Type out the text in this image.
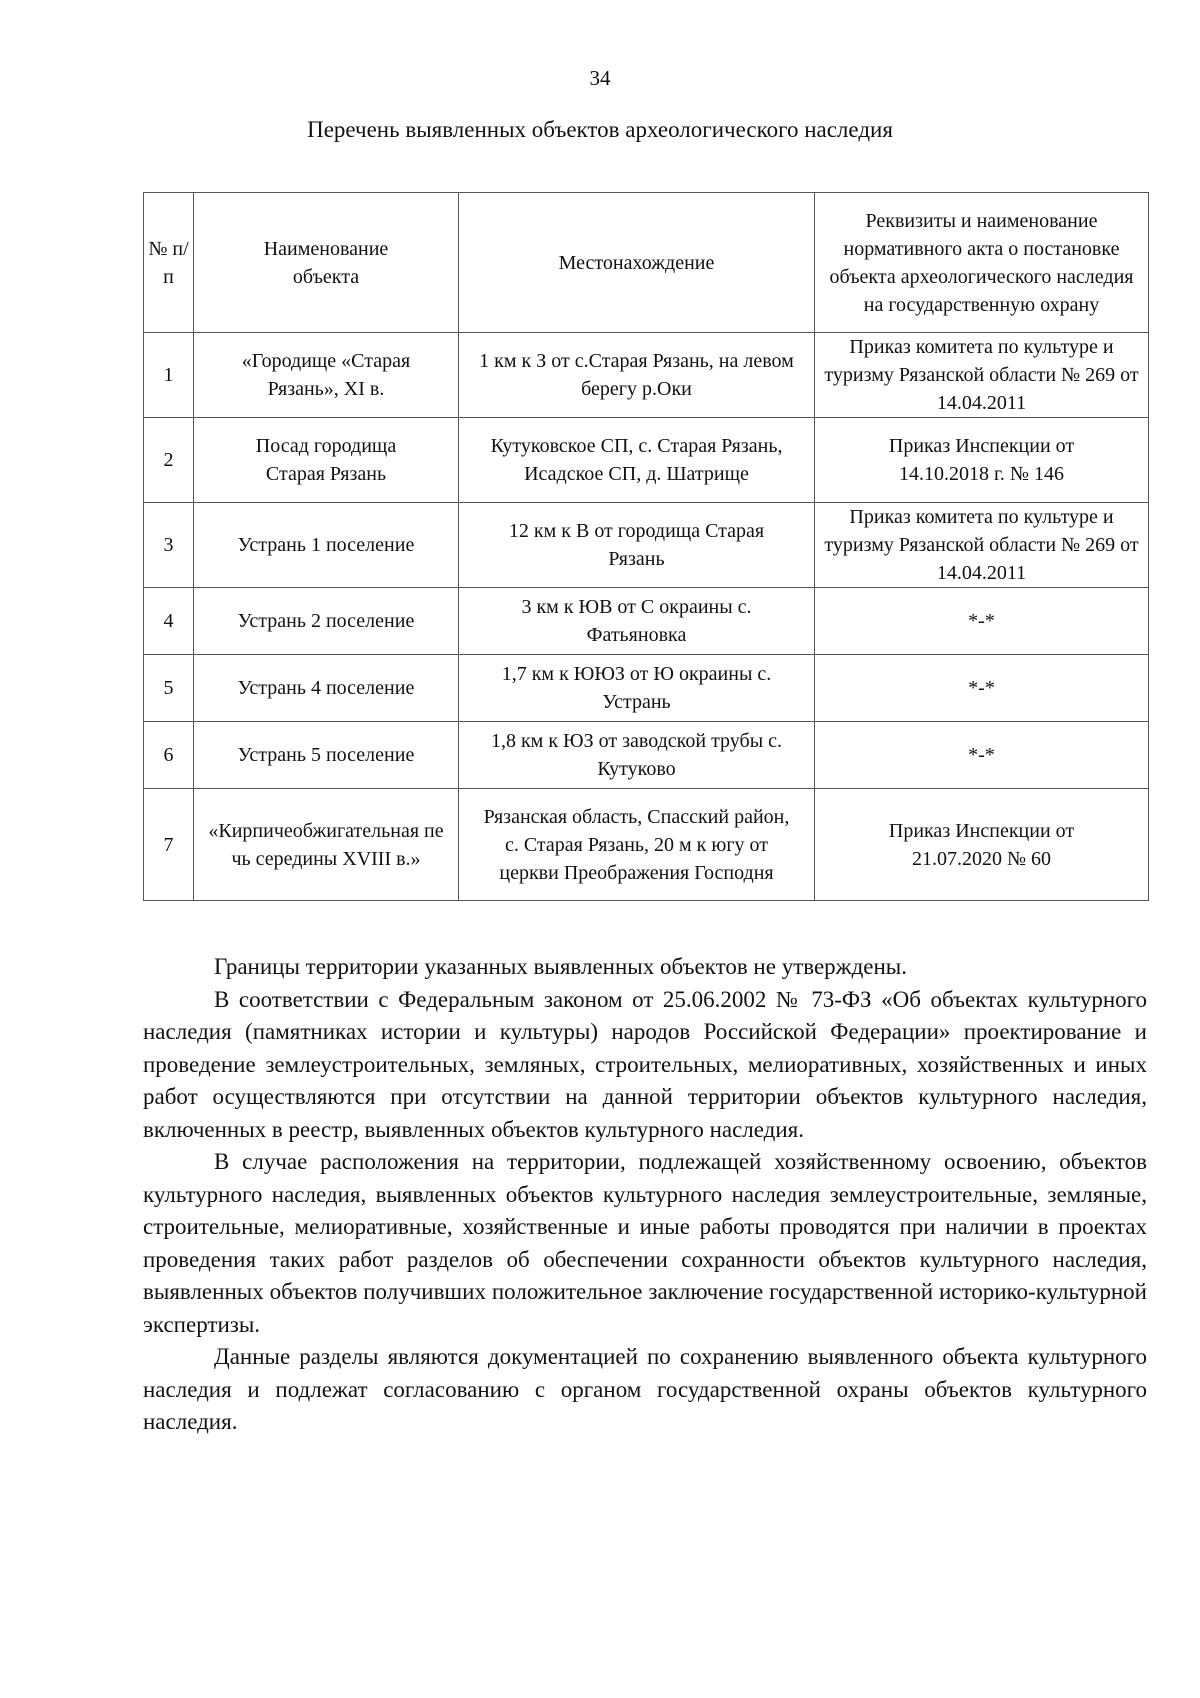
34
Перечень выявленных объектов археологического наследия
№ п/п	Наименование объекта	Местонахождение	Реквизиты и наименование нормативного акта о постановке объекта археологического наследия на государственную охрану
1	«Городище «Старая Рязань», XI в.	1 км к З от с.Старая Рязань, на левом берегу р.Оки	Приказ комитета по культуре и туризму Рязанской области № 269 от 14.04.2011
2	Посад городища Старая Рязань	Кутуковское СП, с. Старая Рязань, Исадское СП, д. Шатрище	Приказ Инспекции от 14.10.2018 г. № 146
3	Устрань 1 поселение	12 км к В от городища Старая Рязань	Приказ комитета по культуре и туризму Рязанской области № 269 от 14.04.2011
4	Устрань 2 поселение	3 км к ЮВ от С окраины с. Фатьяновка	*-*
5	Устрань 4 поселение	1,7 км к ЮЮЗ от Ю окраины с. Устрань	*-*
6	Устрань 5 поселение	1,8 км к ЮЗ от заводской трубы с. Кутуково	*-*
7	«Кирпичеобжигательная печь середины XVIII в.»	Рязанская область, Спасский район, с. Старая Рязань, 20 м к югу от церкви Преображения Господня	Приказ Инспекции от 21.07.2020 № 60

Границы территории указанных выявленных объектов не утверждены.

В соответствии с Федеральным законом от 25.06.2002 № 73-ФЗ «Об объектах культурного наследия (памятниках истории и культуры) народов Российской Федерации» проектирование и проведение землеустроительных, земляных, строительных, мелиоративных, хозяйственных и иных работ осуществляются при отсутствии на данной территории объектов культурного наследия, включенных в реестр, выявленных объектов культурного наследия.

В случае расположения на территории, подлежащей хозяйственному освоению, объектов культурного наследия, выявленных объектов культурного наследия землеустроительные, земляные, строительные, мелиоративные, хозяйственные и иные работы проводятся при наличии в проектах проведения таких работ разделов об обеспечении сохранности объектов культурного наследия, выявленных объектов получивших положительное заключение государственной историко-культурной экспертизы.

Данные разделы являются документацией по сохранению выявленного объекта культурного наследия и подлежат согласованию с органом государственной охраны объектов культурного наследия.
